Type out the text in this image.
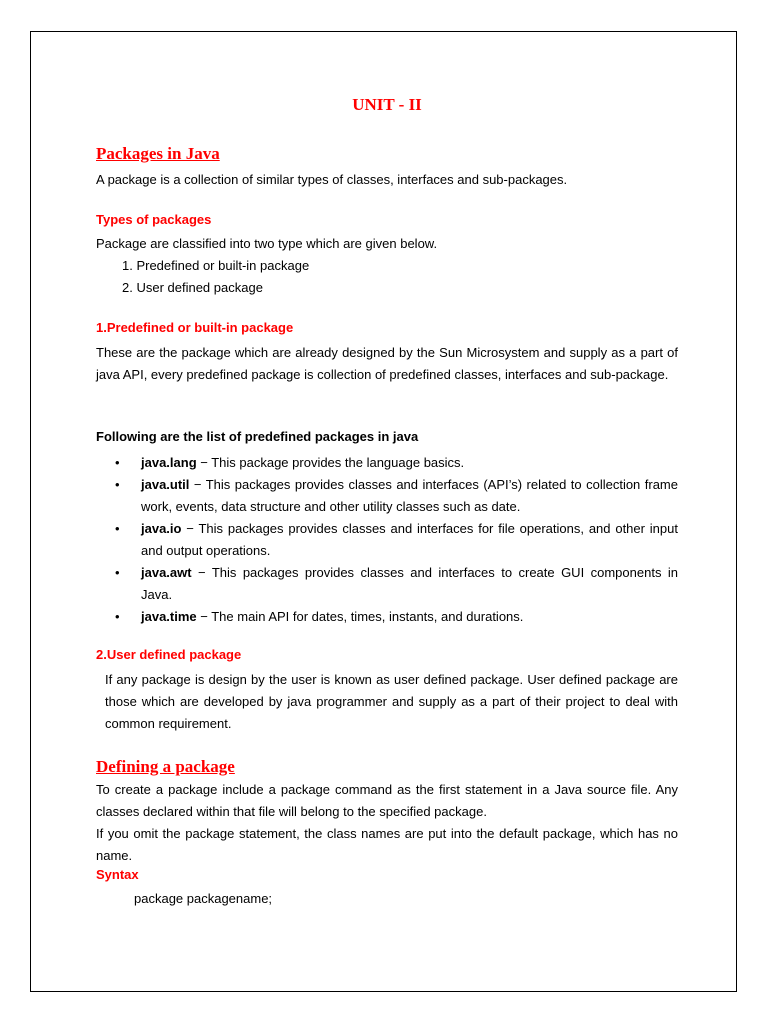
UNIT - II
Packages in Java

A package is a collection of similar types of classes, interfaces and sub-packages.

Types of packages

Package are classified into two type which are given below.

1. Predefined or built-in package

2. User defined package

1.Predefined or built-in package

These are the package which are already designed by the Sun Microsystem and supply as a part of java API, every predefined package is collection of predefined classes, interfaces and sub-package.

Following are the list of predefined packages in java
• java.lang − This package provides the language basics.
• java.util − This packages provides classes and interfaces (API’s) related to collection frame work, events, data structure and other utility classes such as date.
• java.io − This packages provides classes and interfaces for file operations, and other input and output operations.
• java.awt − This packages provides classes and interfaces to create GUI components in Java.
• java.time − The main API for dates, times, instants, and durations.
2.User defined package

If any package is design by the user is known as user defined package. User defined package are those which are developed by java programmer and supply as a part of their project to deal with common requirement.

Defining a package

To create a package include a package command as the first statement in a Java source file. Any classes declared within that file will belong to the specified package.

If you omit the package statement, the class names are put into the default package, which has no name.

Syntax

package packagename;
